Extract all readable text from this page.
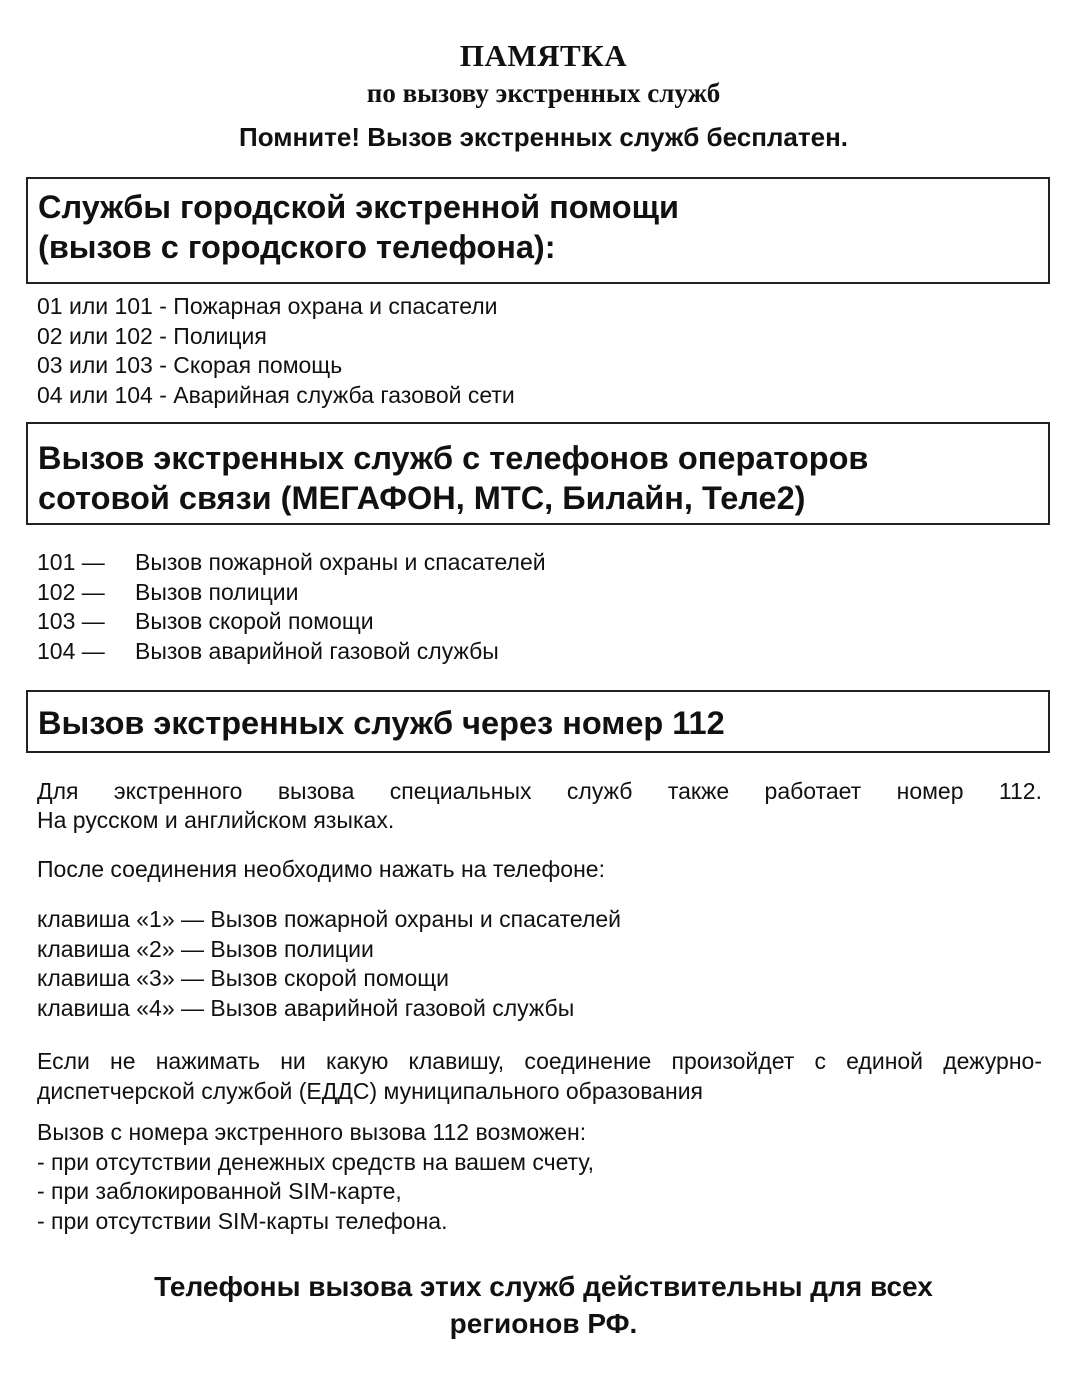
ПАМЯТКА
по вызову экстренных служб
Помните! Вызов экстренных служб бесплатен.
Службы городской экстренной помощи
(вызов с городского телефона):
01 или 101 - Пожарная охрана и спасатели
02 или 102 - Полиция
03 или 103 - Скорая помощь
04 или 104 - Аварийная служба газовой сети
Вызов экстренных служб с телефонов операторов
сотовой связи (МЕГАФОН, МТС, Билайн, Теле2)
101 — Вызов пожарной охраны и спасателей
102 — Вызов полиции
103 — Вызов скорой помощи
104 — Вызов аварийной газовой службы
Вызов экстренных служб через номер 112
Для экстренного вызова специальных служб также работает номер 112.
На русском и английском языках.
После соединения необходимо нажать на телефоне:
клавиша «1» — Вызов пожарной охраны и спасателей
клавиша «2» — Вызов полиции
клавиша «3» — Вызов скорой помощи
клавиша «4» — Вызов аварийной газовой службы
Если не нажимать ни какую клавишу, соединение произойдет с единой дежурно-
диспетчерской службой (ЕДДС) муниципального образования
Вызов с номера экстренного вызова 112 возможен:
- при отсутствии денежных средств на вашем счету,
- при заблокированной SIM-карте,
- при отсутствии SIM-карты телефона.
Телефоны вызова этих служб действительны для всех
регионов РФ.
